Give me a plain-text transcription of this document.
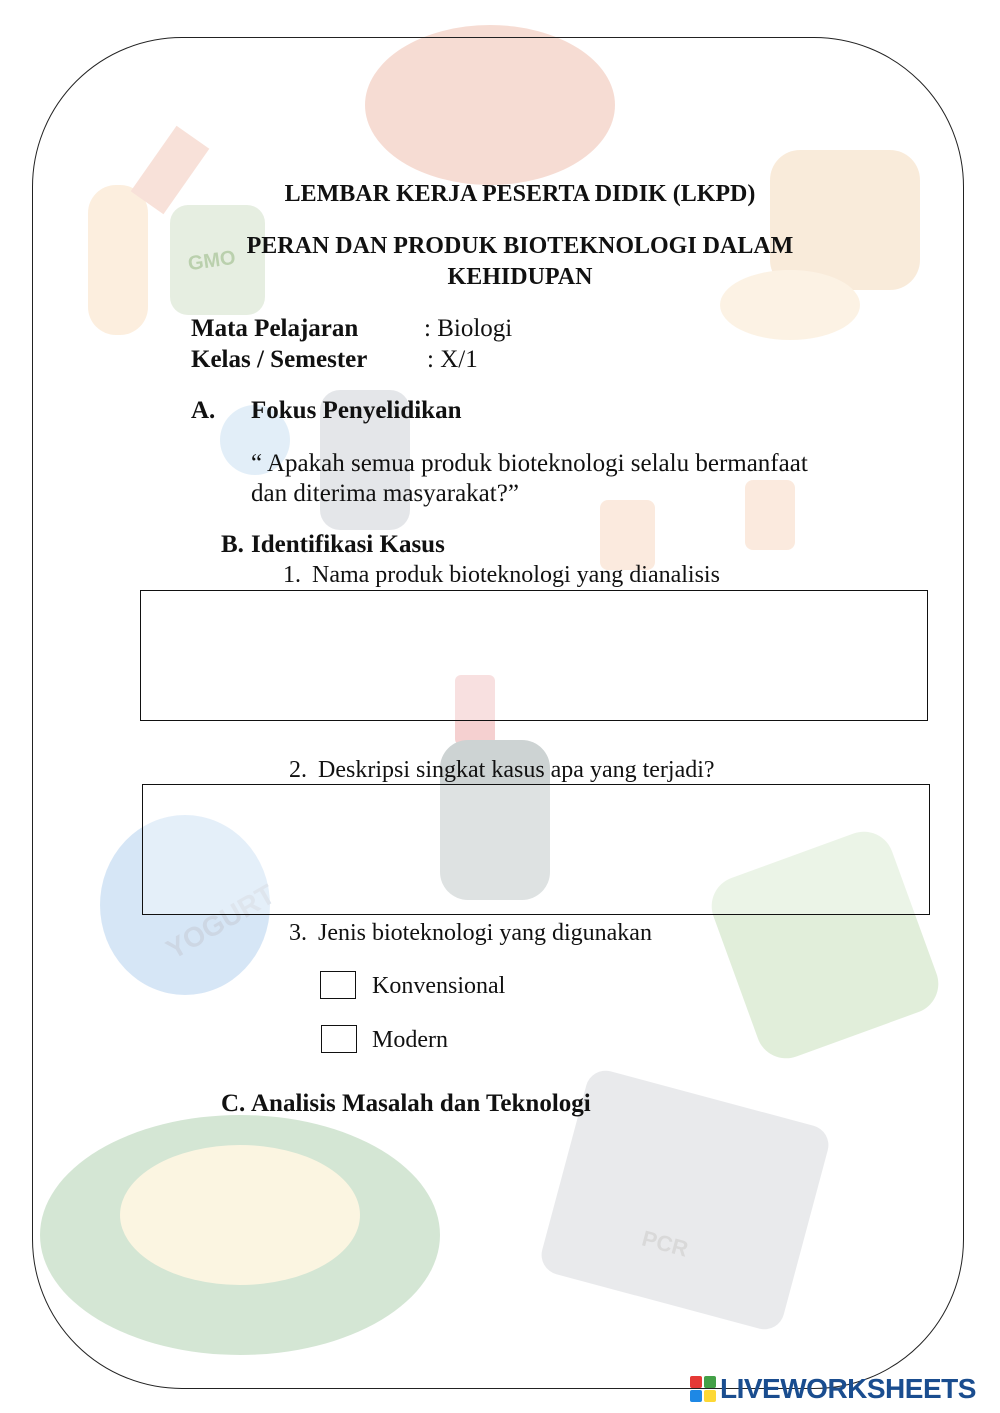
YOGURT
PCR
LEMBAR KERJA PESERTA DIDIK (LKPD)
PERAN DAN PRODUK BIOTEKNOLOGI DALAM
KEHIDUPAN
Mata Pelajaran	: Biologi
Kelas / Semester : X/1
A. Fokus Penyelidikan
“ Apakah semua produk bioteknologi selalu bermanfaat
dan diterima masyarakat?”
B. Identifikasi Kasus
1. Nama produk bioteknologi yang dianalisis
2. Deskripsi singkat kasus apa yang terjadi?
3. Jenis bioteknologi yang digunakan
Konvensional
Modern
C. Analisis Masalah dan Teknologi
GMO
LIVEWORKSHEETS
